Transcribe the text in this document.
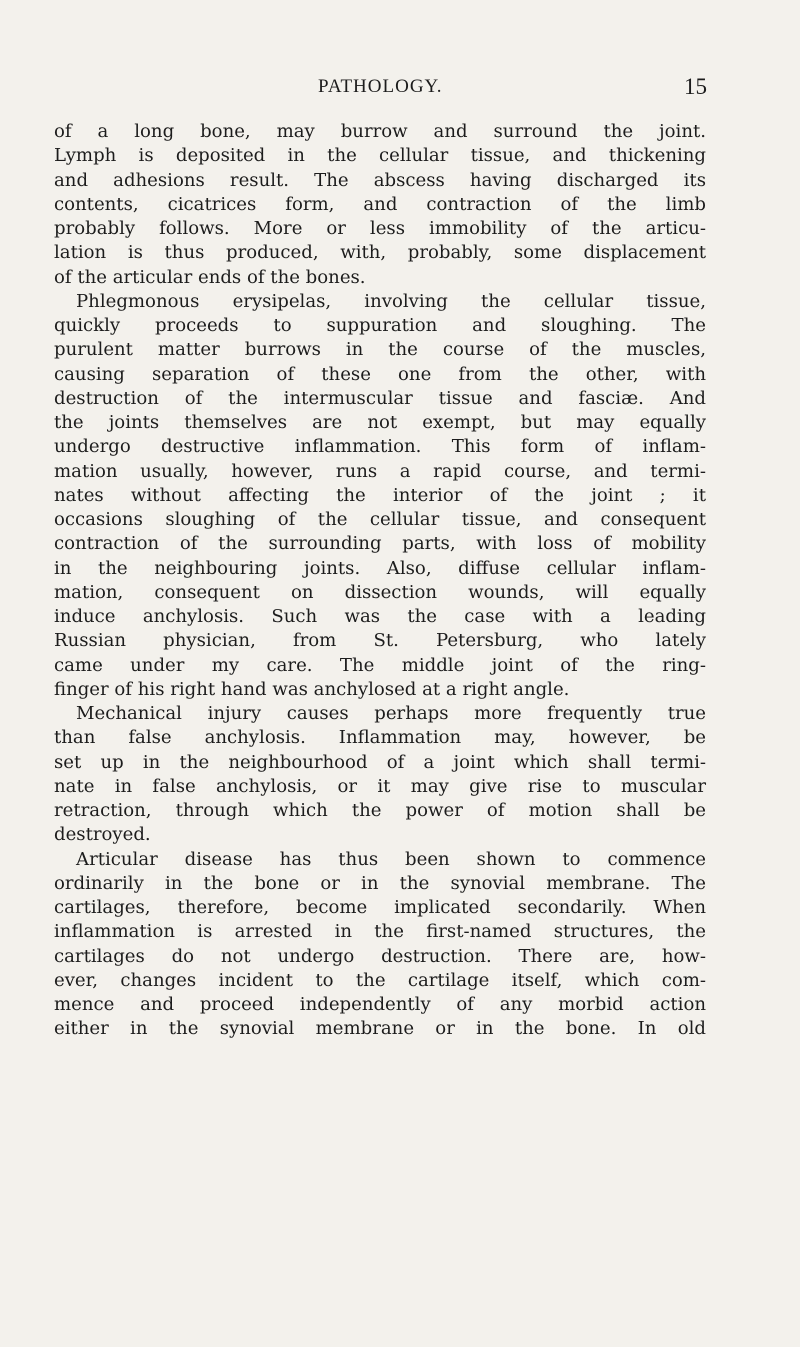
PATHOLOGY.	15
of a long bone, may burrow and surround the joint.
Lymph is deposited in the cellular tissue, and thickening
and adhesions result. The abscess having discharged its
contents, cicatrices form, and contraction of the limb
probably follows. More or less immobility of the articu-
lation is thus produced, with, probably, some displacement
of the articular ends of the bones.
Phlegmonous erysipelas, involving the cellular tissue,
quickly proceeds to suppuration and sloughing. The
purulent matter burrows in the course of the muscles,
causing separation of these one from the other, with
destruction of the intermuscular tissue and fasciæ. And
the joints themselves are not exempt, but may equally
undergo destructive inflammation. This form of inflam-
mation usually, however, runs a rapid course, and termi-
nates without affecting the interior of the joint ; it
occasions sloughing of the cellular tissue, and consequent
contraction of the surrounding parts, with loss of mobility
in the neighbouring joints. Also, diffuse cellular inflam-
mation, consequent on dissection wounds, will equally
induce anchylosis. Such was the case with a leading
Russian physician, from St. Petersburg, who lately
came under my care. The middle joint of the ring-
finger of his right hand was anchylosed at a right angle.
Mechanical injury causes perhaps more frequently true
than false anchylosis. Inflammation may, however, be
set up in the neighbourhood of a joint which shall termi-
nate in false anchylosis, or it may give rise to muscular
retraction, through which the power of motion shall be
destroyed.
Articular disease has thus been shown to commence
ordinarily in the bone or in the synovial membrane. The
cartilages, therefore, become implicated secondarily. When
inflammation is arrested in the first-named structures, the
cartilages do not undergo destruction. There are, how-
ever, changes incident to the cartilage itself, which com-
mence and proceed independently of any morbid action
either in the synovial membrane or in the bone. In old
